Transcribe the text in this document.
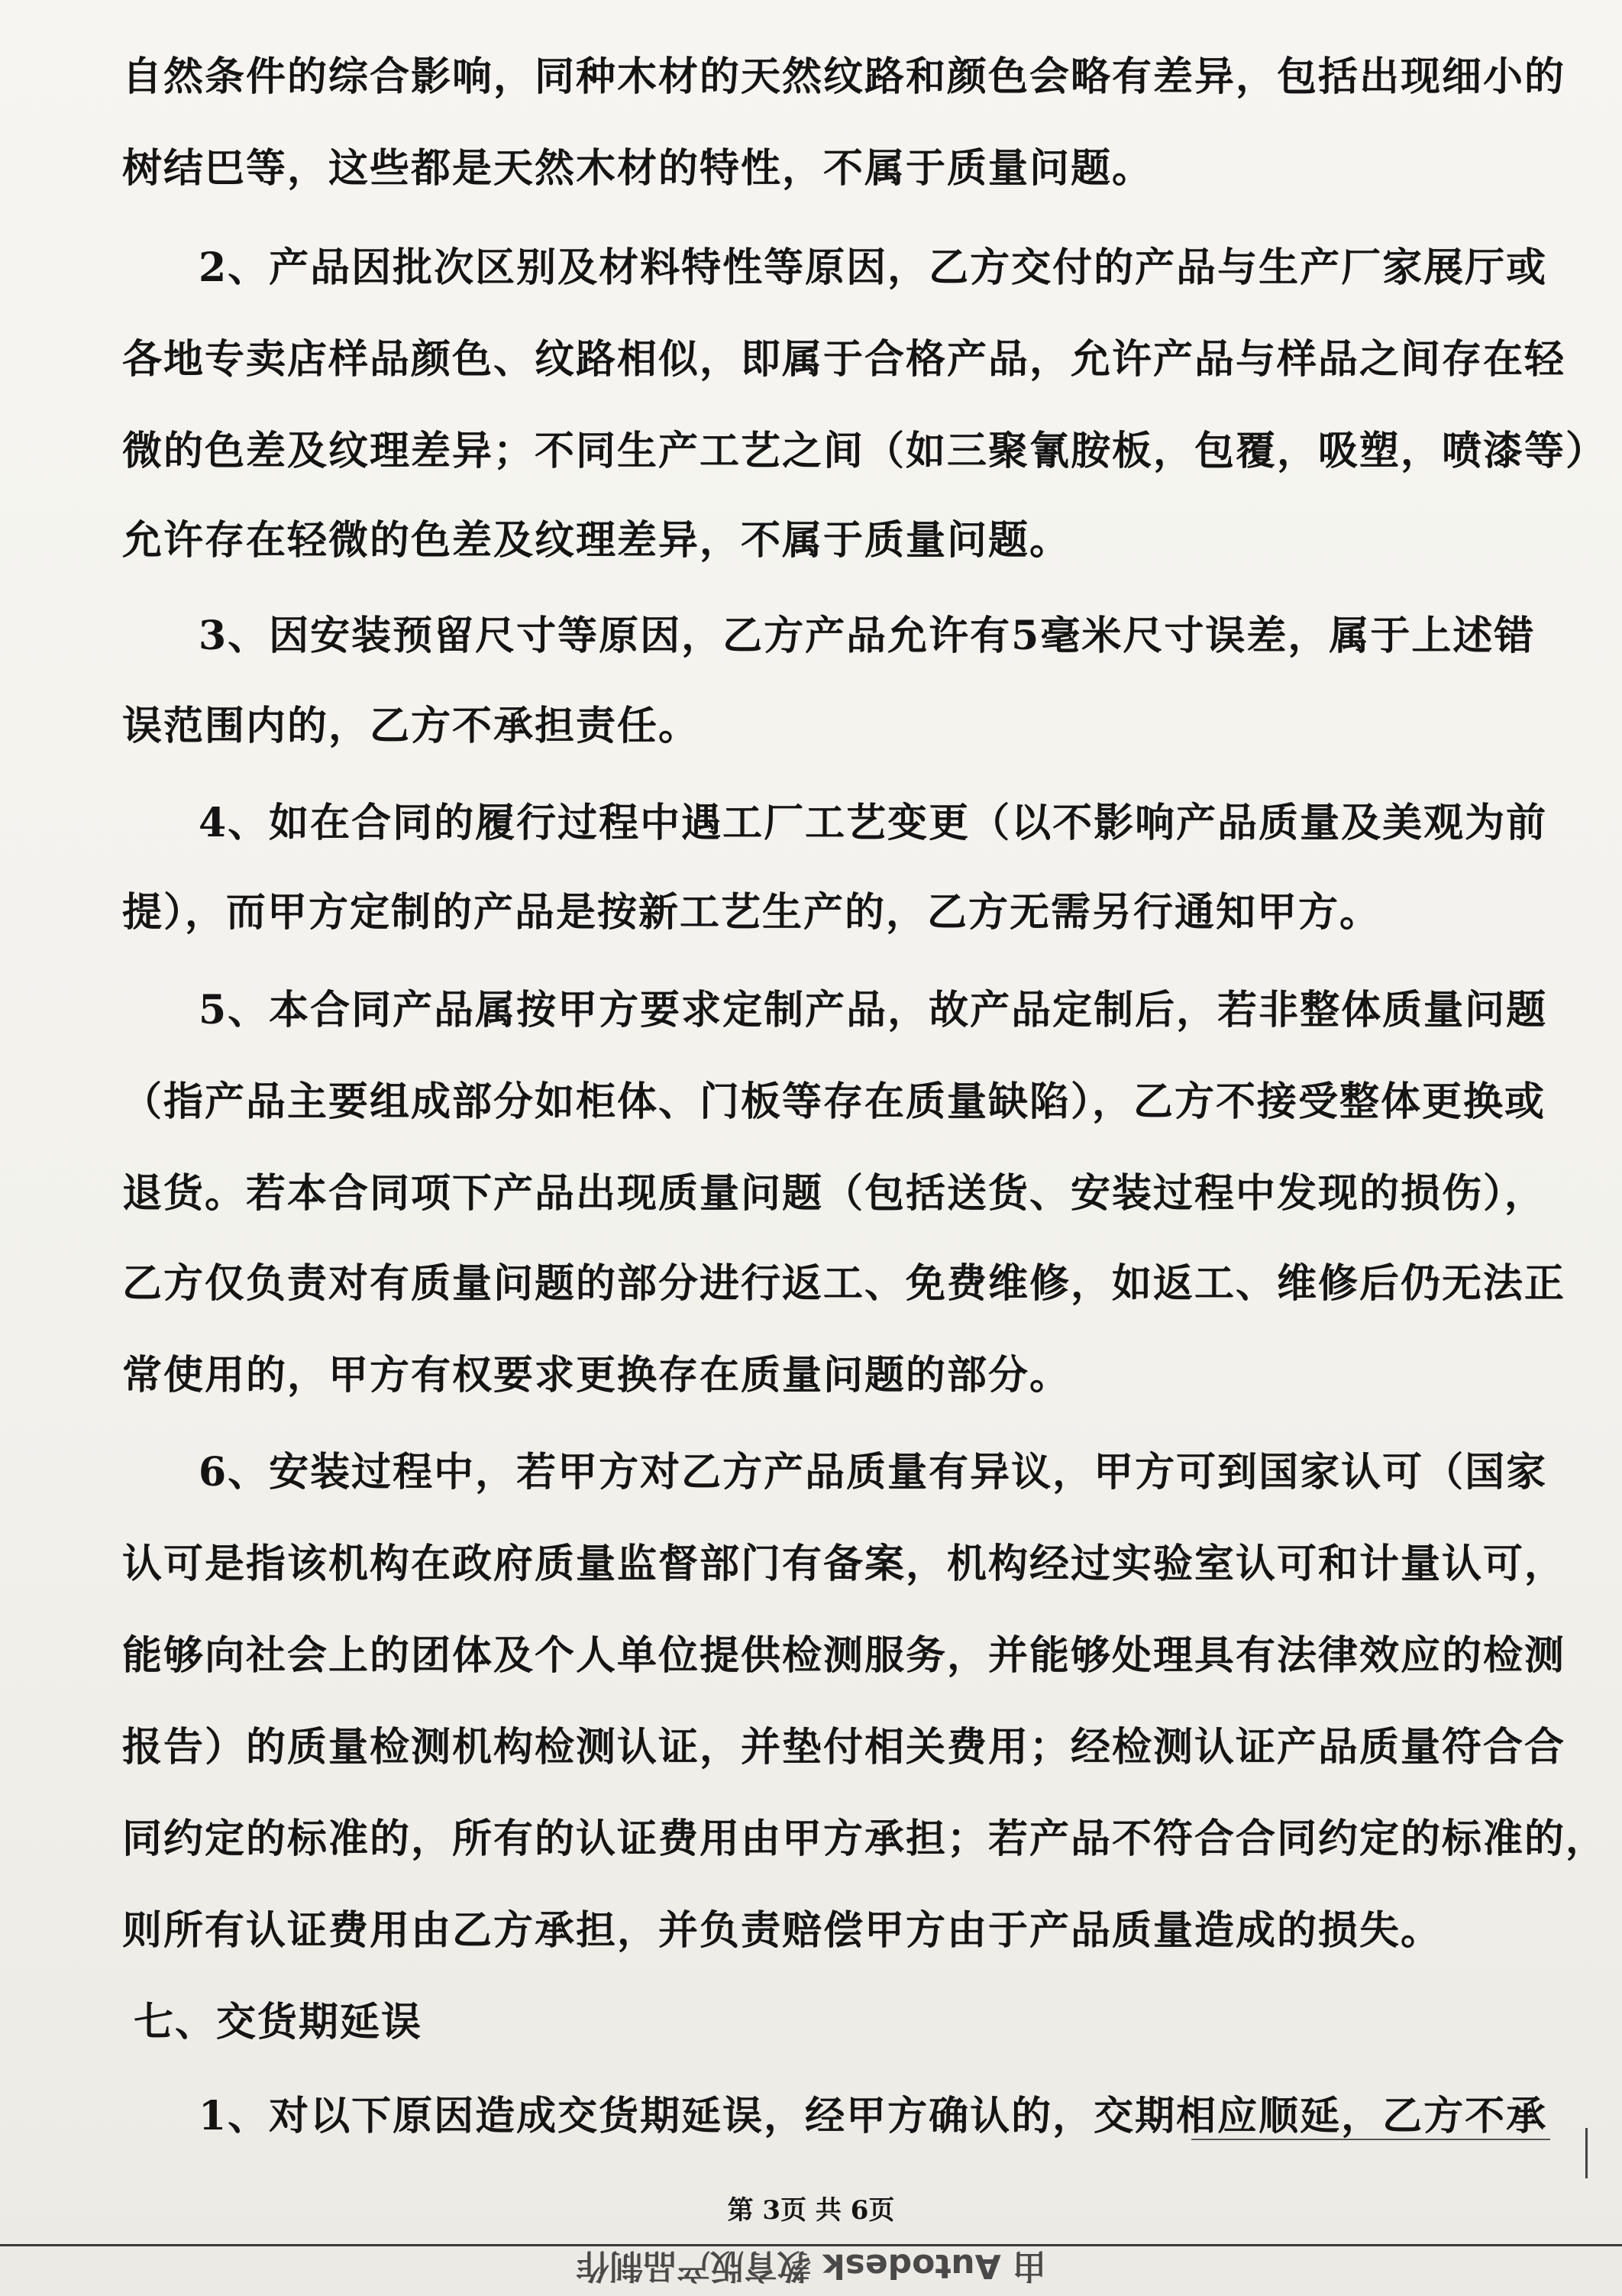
自然条件的综合影响，同种木材的天然纹路和颜色会略有差异，包括出现细小的
树结巴等，这些都是天然木材的特性，不属于质量问题。
2、产品因批次区别及材料特性等原因，乙方交付的产品与生产厂家展厅或
各地专卖店样品颜色、纹路相似，即属于合格产品，允许产品与样品之间存在轻
微的色差及纹理差异；不同生产工艺之间（如三聚氰胺板，包覆，吸塑，喷漆等）
允许存在轻微的色差及纹理差异，不属于质量问题。
3、因安装预留尺寸等原因，乙方产品允许有5毫米尺寸误差，属于上述错
误范围内的，乙方不承担责任。
4、如在合同的履行过程中遇工厂工艺变更（以不影响产品质量及美观为前
提），而甲方定制的产品是按新工艺生产的，乙方无需另行通知甲方。
5、本合同产品属按甲方要求定制产品，故产品定制后，若非整体质量问题
（指产品主要组成部分如柜体、门板等存在质量缺陷），乙方不接受整体更换或
退货。若本合同项下产品出现质量问题（包括送货、安装过程中发现的损伤），
乙方仅负责对有质量问题的部分进行返工、免费维修，如返工、维修后仍无法正
常使用的，甲方有权要求更换存在质量问题的部分。
6、安装过程中，若甲方对乙方产品质量有异议，甲方可到国家认可（国家
认可是指该机构在政府质量监督部门有备案，机构经过实验室认可和计量认可，
能够向社会上的团体及个人单位提供检测服务，并能够处理具有法律效应的检测
报告）的质量检测机构检测认证，并垫付相关费用；经检测认证产品质量符合合
同约定的标准的，所有的认证费用由甲方承担；若产品不符合合同约定的标准的，
则所有认证费用由乙方承担，并负责赔偿甲方由于产品质量造成的损失。
七、交货期延误
第 3页 共 6页
由 Autodesk 教育版产品制作
1、对以下原因造成交货期延误，经甲方确认的，交期相应顺延，乙方不承
